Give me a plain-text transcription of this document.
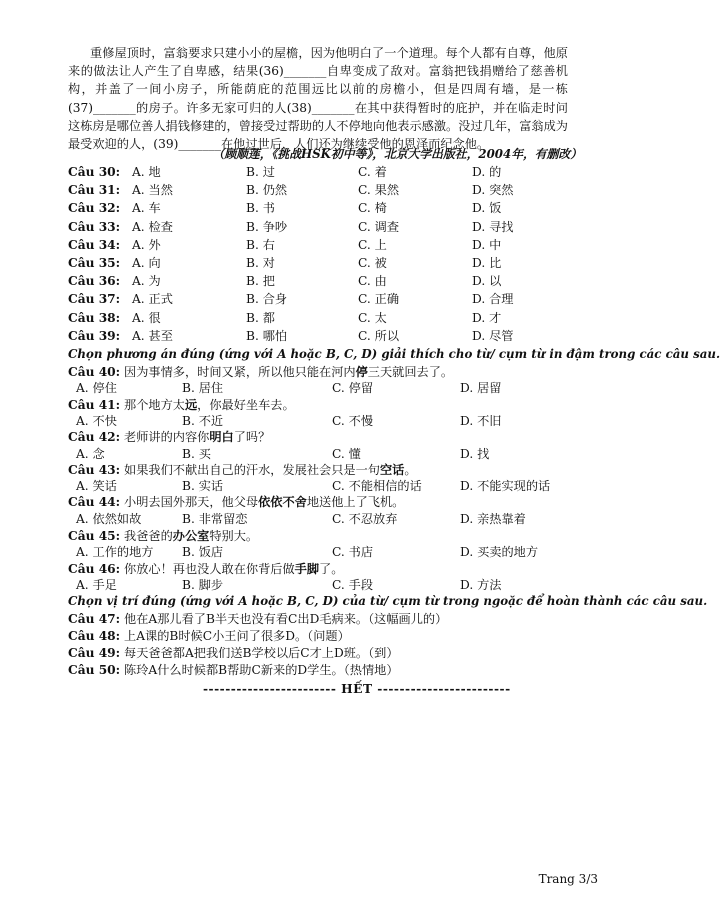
重修屋顶时，富翁要求只建小小的屋檐，因为他明白了一个道理。每个人都有自尊，他原来的做法让人产生了自卑感，结果(36)_______自卑变成了敌对。富翁把钱捐赠给了慈善机构，并盖了一间小房子，所能荫庇的范围远比以前的房檐小，但是四周有墙，是一栋(37)_______的房子。许多无家可归的人(38)_______在其中获得暂时的庇护，并在临走时问这栋房是哪位善人捐钱修建的，曾接受过帮助的人不停地向他表示感激。没过几年，富翁成为最受欢迎的人，(39)_______在他过世后，人们还为继续受他的恩泽而纪念他。

（顾顺莲，《挑战HSK初中等》，北京大学出版社，2004年，有删改）
Câu 30: A. 地	B. 过	C. 着	D. 的
Câu 31: A. 当然	B. 仍然	C. 果然	D. 突然
Câu 32: A. 车	B. 书	C. 椅	D. 饭
Câu 33: A. 检查	B. 争吵	C. 调查	D. 寻找
Câu 34: A. 外	B. 右	C. 上	D. 中
Câu 35: A. 向	B. 对	C. 被	D. 比
Câu 36: A. 为	B. 把	C. 由	D. 以
Câu 37: A. 正式	B. 合身	C. 正确	D. 合理
Câu 38: A. 很	B. 都	C. 太	D. 才
Câu 39: A. 甚至	B. 哪怕	C. 所以	D. 尽管
Chọn phương án đúng (ứng với A hoặc B, C, D) giải thích cho từ/ cụm từ in đậm trong các câu sau.
Câu 40: 因为事情多，时间又紧，所以他只能在河内停三天就回去了。
A. 停住	B. 居住	C. 停留	D. 居留
Câu 41: 那个地方太远，你最好坐车去。
A. 不快	B. 不近	C. 不慢	D. 不旧
Câu 42: 老师讲的内容你明白了吗？
A. 念	B. 买	C. 懂	D. 找
Câu 43: 如果我们不献出自己的汗水，发展社会只是一句空话。
A. 笑话	B. 实话	C. 不能相信的话	D. 不能实现的话
Câu 44: 小明去国外那天，他父母依依不舍地送他上了飞机。
A. 依然如故	B. 非常留恋	C. 不忍放弃	D. 亲热靠着
Câu 45: 我爸爸的办公室特别大。
A. 工作的地方 B. 饭店	C. 书店	D. 买卖的地方
Câu 46: 你放心！再也没人敢在你背后做手脚了。
A. 手足	B. 脚步	C. 手段	D. 方法
Chọn vị trí đúng (ứng với A hoặc B, C, D) của từ/ cụm từ trong ngoặc để hoàn thành các câu sau.
Câu 47: 他在A那儿看了B半天也没有看C出D毛病来。（这幅画儿的）
Câu 48: 上A课的B时候C小王问了很多D。（问题）
Câu 49: 每天爸爸都A把我们送B学校以后C才上D班。（到）
Câu 50: 陈玲A什么时候都B帮助C新来的D学生。（热情地）
------------------------ HẾT ------------------------
Trang 3/3
